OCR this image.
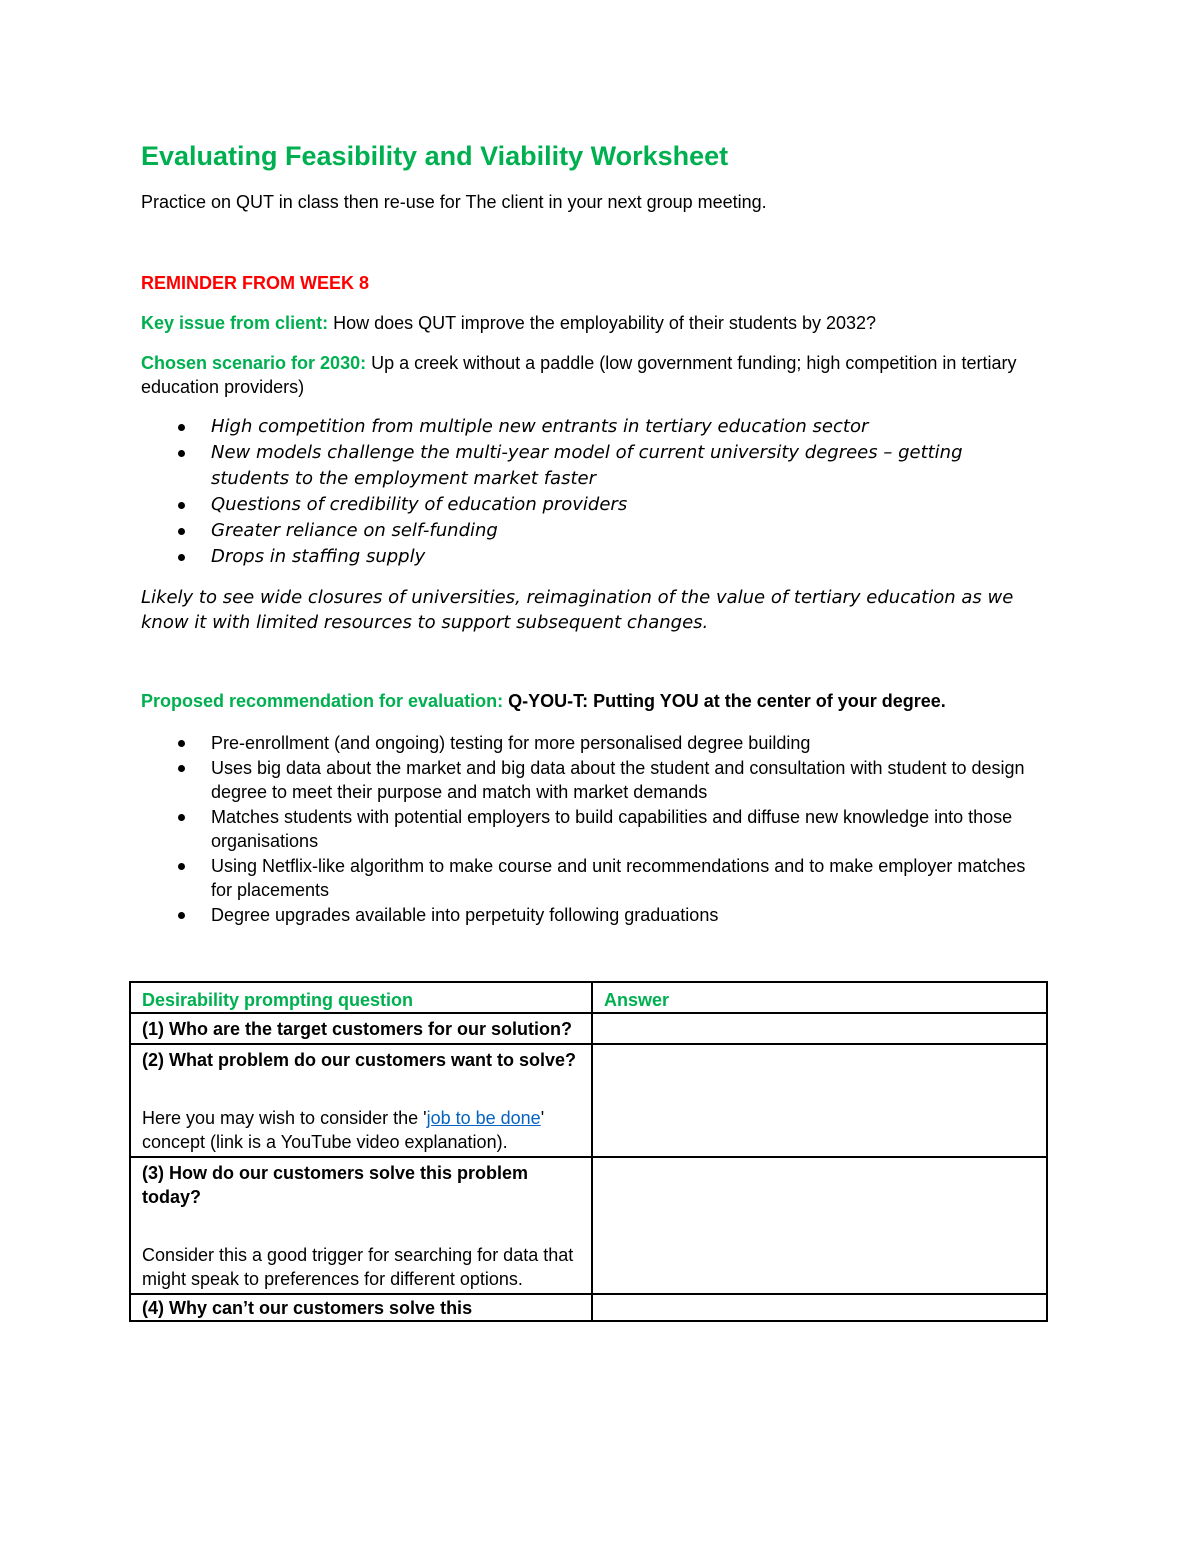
Evaluating Feasibility and Viability Worksheet
Practice on QUT in class then re-use for The client in your next group meeting.
REMINDER FROM WEEK 8
Key issue from client: How does QUT improve the employability of their students by 2032?
Chosen scenario for 2030: Up a creek without a paddle (low government funding; high competition in tertiary education providers)
High competition from multiple new entrants in tertiary education sector
New models challenge the multi-year model of current university degrees – getting students to the employment market faster
Questions of credibility of education providers
Greater reliance on self-funding
Drops in staffing supply
Likely to see wide closures of universities, reimagination of the value of tertiary education as we know it with limited resources to support subsequent changes.
Proposed recommendation for evaluation: Q-YOU-T: Putting YOU at the center of your degree.
Pre-enrollment (and ongoing) testing for more personalised degree building
Uses big data about the market and big data about the student and consultation with student to design degree to meet their purpose and match with market demands
Matches students with potential employers to build capabilities and diffuse new knowledge into those organisations
Using Netflix-like algorithm to make course and unit recommendations and to make employer matches for placements
Degree upgrades available into perpetuity following graduations
Desirability prompting question	Answer

(1) Who are the target customers for our solution?	

(2) What problem do our customers want to solve?
Here you may wish to consider the 'job to be done' concept (link is a YouTube video explanation).	

(3) How do our customers solve this problem today?
Consider this a good trigger for searching for data that might speak to preferences for different options.	

(4) Why can’t our customers solve this	
